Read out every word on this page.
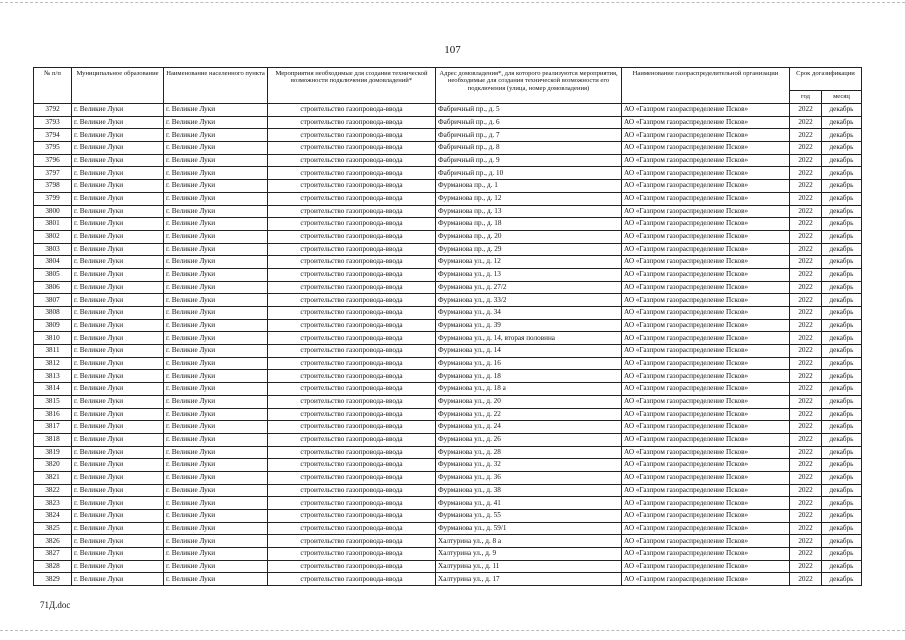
107
№ п/п	Муниципальное образование	Наименование населенного пункта	Мероприятия необходимые для создания технической возможности подключения домовладений*	Адрес домовладения*, для которого реализуются мероприятия, необходимые для создания технической возможности его подключения (улица, номер домовладения)	Наименование газораспределительной организации	Срок догазификации	
						год	месяц
3792	г. Великие Луки	г. Великие Луки	строительство газопровода-ввода	Фабричный пр., д. 5	АО «Газпром газораспределение Псков»	2022	декабрь
3793	г. Великие Луки	г. Великие Луки	строительство газопровода-ввода	Фабричный пр., д. 6	АО «Газпром газораспределение Псков»	2022	декабрь
3794	г. Великие Луки	г. Великие Луки	строительство газопровода-ввода	Фабричный пр., д. 7	АО «Газпром газораспределение Псков»	2022	декабрь
3795	г. Великие Луки	г. Великие Луки	строительство газопровода-ввода	Фабричный пр., д. 8	АО «Газпром газораспределение Псков»	2022	декабрь
3796	г. Великие Луки	г. Великие Луки	строительство газопровода-ввода	Фабричный пр., д. 9	АО «Газпром газораспределение Псков»	2022	декабрь
3797	г. Великие Луки	г. Великие Луки	строительство газопровода-ввода	Фабричный пр., д. 10	АО «Газпром газораспределение Псков»	2022	декабрь
3798	г. Великие Луки	г. Великие Луки	строительство газопровода-ввода	Фурманова пр., д. 1	АО «Газпром газораспределение Псков»	2022	декабрь
3799	г. Великие Луки	г. Великие Луки	строительство газопровода-ввода	Фурманова пр., д. 12	АО «Газпром газораспределение Псков»	2022	декабрь
3800	г. Великие Луки	г. Великие Луки	строительство газопровода-ввода	Фурманова пр., д. 13	АО «Газпром газораспределение Псков»	2022	декабрь
3801	г. Великие Луки	г. Великие Луки	строительство газопровода-ввода	Фурманова пр., д. 18	АО «Газпром газораспределение Псков»	2022	декабрь
3802	г. Великие Луки	г. Великие Луки	строительство газопровода-ввода	Фурманова пр., д. 20	АО «Газпром газораспределение Псков»	2022	декабрь
3803	г. Великие Луки	г. Великие Луки	строительство газопровода-ввода	Фурманова пр., д. 29	АО «Газпром газораспределение Псков»	2022	декабрь
3804	г. Великие Луки	г. Великие Луки	строительство газопровода-ввода	Фурманова ул., д. 12	АО «Газпром газораспределение Псков»	2022	декабрь
3805	г. Великие Луки	г. Великие Луки	строительство газопровода-ввода	Фурманова ул., д. 13	АО «Газпром газораспределение Псков»	2022	декабрь
3806	г. Великие Луки	г. Великие Луки	строительство газопровода-ввода	Фурманова ул., д. 27/2	АО «Газпром газораспределение Псков»	2022	декабрь
3807	г. Великие Луки	г. Великие Луки	строительство газопровода-ввода	Фурманова ул., д. 33/2	АО «Газпром газораспределение Псков»	2022	декабрь
3808	г. Великие Луки	г. Великие Луки	строительство газопровода-ввода	Фурманова ул., д. 34	АО «Газпром газораспределение Псков»	2022	декабрь
3809	г. Великие Луки	г. Великие Луки	строительство газопровода-ввода	Фурманова ул., д. 39	АО «Газпром газораспределение Псков»	2022	декабрь
3810	г. Великие Луки	г. Великие Луки	строительство газопровода-ввода	Фурманова ул., д. 14, вторая половина	АО «Газпром газораспределение Псков»	2022	декабрь
3811	г. Великие Луки	г. Великие Луки	строительство газопровода-ввода	Фурманова ул., д. 14	АО «Газпром газораспределение Псков»	2022	декабрь
3812	г. Великие Луки	г. Великие Луки	строительство газопровода-ввода	Фурманова ул., д. 16	АО «Газпром газораспределение Псков»	2022	декабрь
3813	г. Великие Луки	г. Великие Луки	строительство газопровода-ввода	Фурманова ул., д. 18	АО «Газпром газораспределение Псков»	2022	декабрь
3814	г. Великие Луки	г. Великие Луки	строительство газопровода-ввода	Фурманова ул., д. 18 а	АО «Газпром газораспределение Псков»	2022	декабрь
3815	г. Великие Луки	г. Великие Луки	строительство газопровода-ввода	Фурманова ул., д. 20	АО «Газпром газораспределение Псков»	2022	декабрь
3816	г. Великие Луки	г. Великие Луки	строительство газопровода-ввода	Фурманова ул., д. 22	АО «Газпром газораспределение Псков»	2022	декабрь
3817	г. Великие Луки	г. Великие Луки	строительство газопровода-ввода	Фурманова ул., д. 24	АО «Газпром газораспределение Псков»	2022	декабрь
3818	г. Великие Луки	г. Великие Луки	строительство газопровода-ввода	Фурманова ул., д. 26	АО «Газпром газораспределение Псков»	2022	декабрь
3819	г. Великие Луки	г. Великие Луки	строительство газопровода-ввода	Фурманова ул., д. 28	АО «Газпром газораспределение Псков»	2022	декабрь
3820	г. Великие Луки	г. Великие Луки	строительство газопровода-ввода	Фурманова ул., д. 32	АО «Газпром газораспределение Псков»	2022	декабрь
3821	г. Великие Луки	г. Великие Луки	строительство газопровода-ввода	Фурманова ул., д. 36	АО «Газпром газораспределение Псков»	2022	декабрь
3822	г. Великие Луки	г. Великие Луки	строительство газопровода-ввода	Фурманова ул., д. 38	АО «Газпром газораспределение Псков»	2022	декабрь
3823	г. Великие Луки	г. Великие Луки	строительство газопровода-ввода	Фурманова ул., д. 41	АО «Газпром газораспределение Псков»	2022	декабрь
3824	г. Великие Луки	г. Великие Луки	строительство газопровода-ввода	Фурманова ул., д. 55	АО «Газпром газораспределение Псков»	2022	декабрь
3825	г. Великие Луки	г. Великие Луки	строительство газопровода-ввода	Фурманова ул., д. 59/1	АО «Газпром газораспределение Псков»	2022	декабрь
3826	г. Великие Луки	г. Великие Луки	строительство газопровода-ввода	Халтурина ул., д. 8 а	АО «Газпром газораспределение Псков»	2022	декабрь
3827	г. Великие Луки	г. Великие Луки	строительство газопровода-ввода	Халтурина ул., д. 9	АО «Газпром газораспределение Псков»	2022	декабрь
3828	г. Великие Луки	г. Великие Луки	строительство газопровода-ввода	Халтурина ул., д. 11	АО «Газпром газораспределение Псков»	2022	декабрь
3829	г. Великие Луки	г. Великие Луки	строительство газопровода-ввода	Халтурина ул., д. 17	АО «Газпром газораспределение Псков»	2022	декабрь
71Д.doc
